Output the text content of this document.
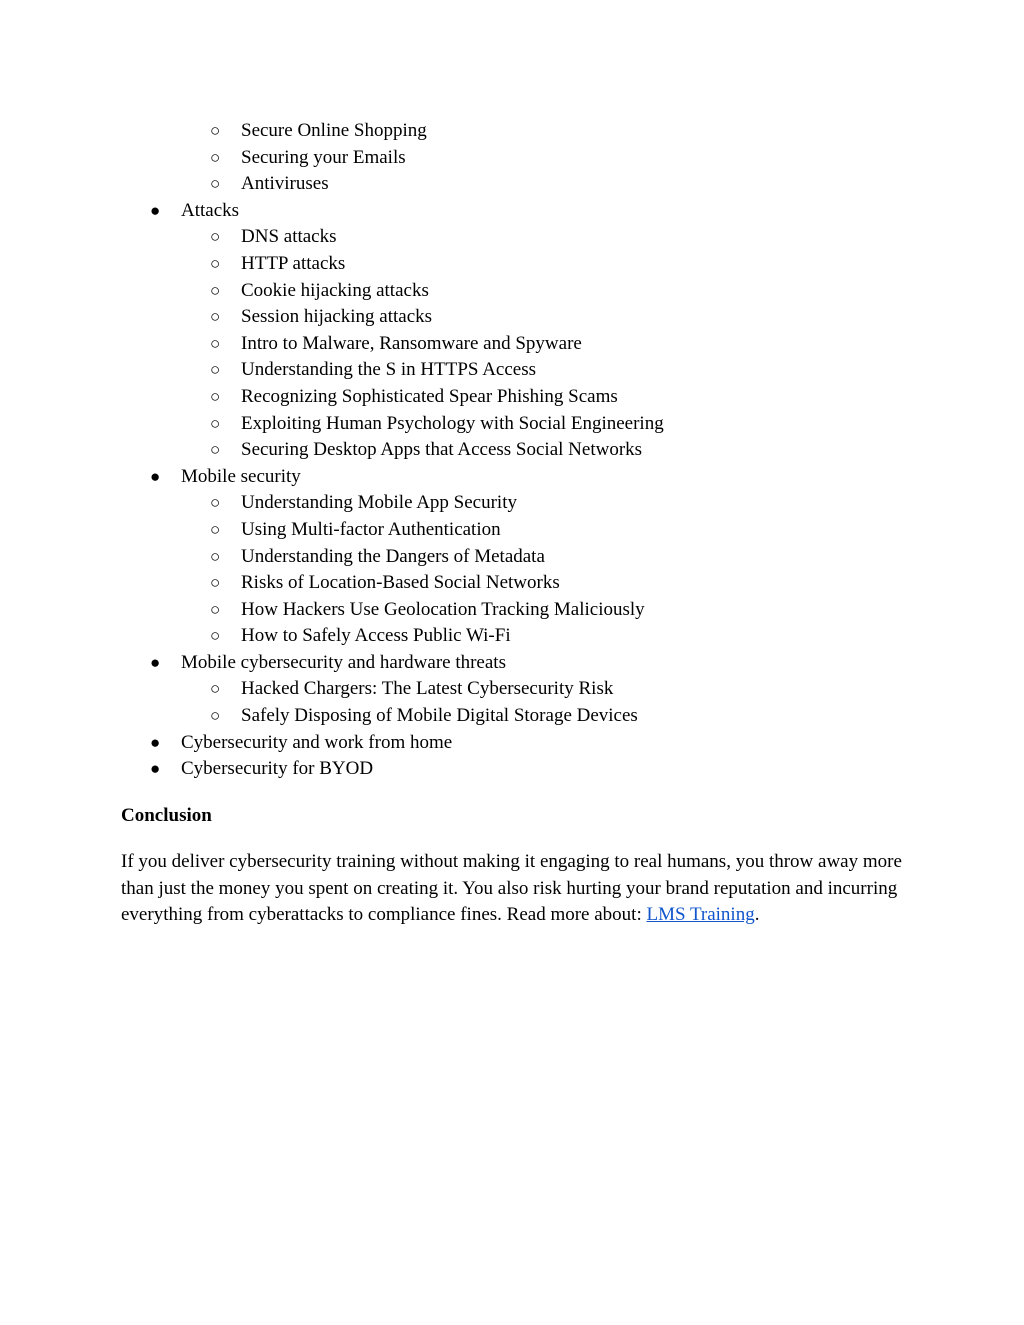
○ Secure Online Shopping
○ Securing your Emails
○ Antiviruses
● Attacks
○ DNS attacks
○ HTTP attacks
○ Cookie hijacking attacks
○ Session hijacking attacks
○ Intro to Malware, Ransomware and Spyware
○ Understanding the S in HTTPS Access
○ Recognizing Sophisticated Spear Phishing Scams
○ Exploiting Human Psychology with Social Engineering
○ Securing Desktop Apps that Access Social Networks
● Mobile security
○ Understanding Mobile App Security
○ Using Multi-factor Authentication
○ Understanding the Dangers of Metadata
○ Risks of Location-Based Social Networks
○ How Hackers Use Geolocation Tracking Maliciously
○ How to Safely Access Public Wi-Fi
● Mobile cybersecurity and hardware threats
○ Hacked Chargers: The Latest Cybersecurity Risk
○ Safely Disposing of Mobile Digital Storage Devices
● Cybersecurity and work from home
● Cybersecurity for BYOD
Conclusion

If you deliver cybersecurity training without making it engaging to real humans, you throw away more than just the money you spent on creating it. You also risk hurting your brand reputation and incurring everything from cyberattacks to compliance fines. Read more about: LMS Training.
